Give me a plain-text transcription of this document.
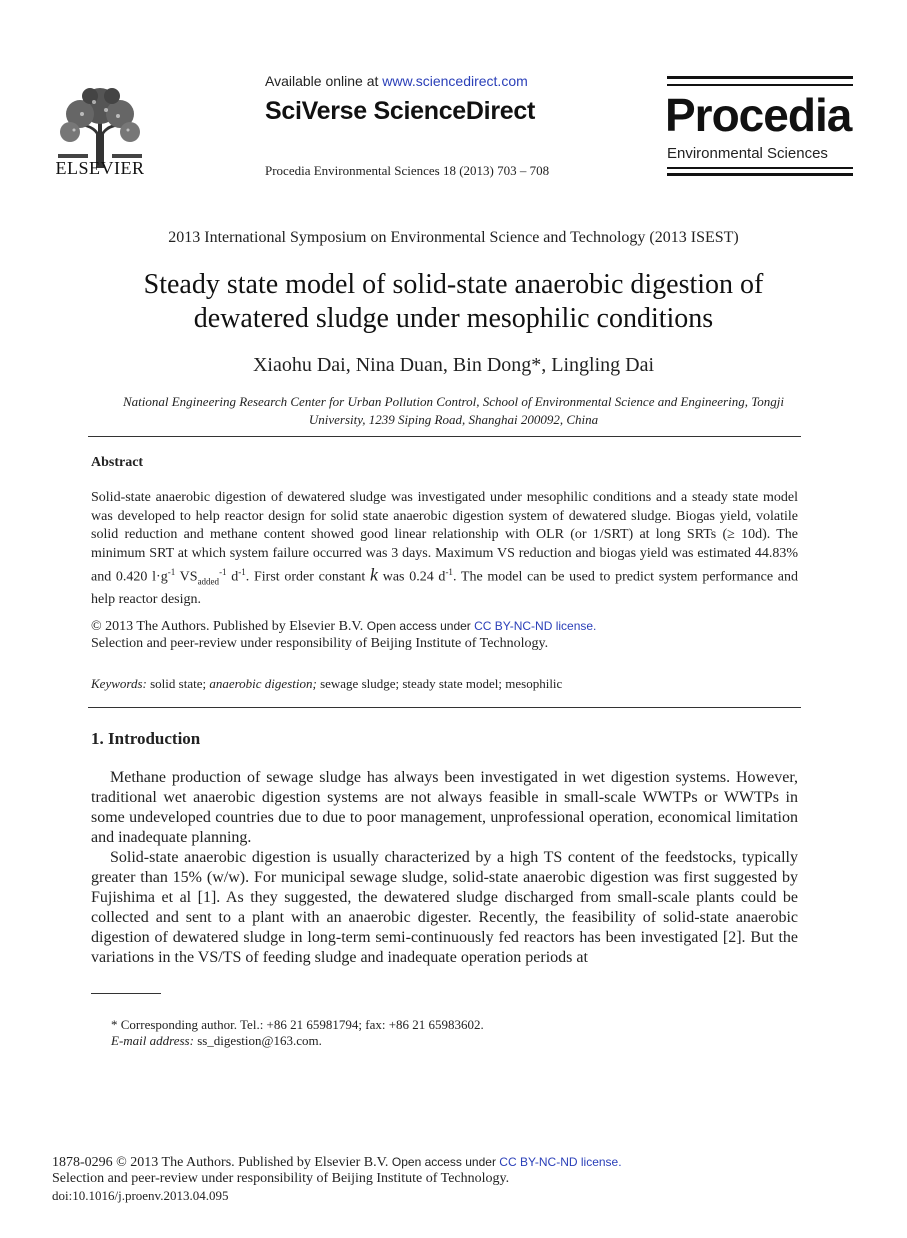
ELSEVIER
Available online at www.sciencedirect.com
SciVerse ScienceDirect
Procedia Environmental Sciences 18 (2013) 703 – 708
Procedia
Environmental Sciences
2013 International Symposium on Environmental Science and Technology (2013 ISEST)
Steady state model of solid-state anaerobic digestion of
dewatered sludge under mesophilic conditions
Xiaohu Dai, Nina Duan, Bin Dong*, Lingling Dai
National Engineering Research Center for Urban Pollution Control, School of Environmental Science and Engineering, Tongji
University, 1239 Siping Road, Shanghai 200092, China
Abstract
Solid-state anaerobic digestion of dewatered sludge was investigated under mesophilic conditions and a steady state model was developed to help reactor design for solid state anaerobic digestion system of dewatered sludge. Biogas yield, volatile solid reduction and methane content showed good linear relationship with OLR (or 1/SRT) at long SRTs (≥ 10d). The minimum SRT at which system failure occurred was 3 days. Maximum VS reduction and biogas yield was estimated 44.83% and 0.420 $l\cdot g^{-1}$ $VS_{added}^{-1}$ $d^{-1}$. First order constant k was 0.24 $d^{-1}$. The model can be used to predict system performance and help reactor design.
© 2013 The Authors. Published by Elsevier B.V. Open access under CC BY-NC-ND license.
Selection and peer-review under responsibility of Beijing Institute of Technology.
Keywords: solid state; anaerobic digestion; sewage sludge; steady state model; mesophilic
1. Introduction

Methane production of sewage sludge has always been investigated in wet digestion systems. However, traditional wet anaerobic digestion systems are not always feasible in small-scale WWTPs or WWTPs in some undeveloped countries due to due to poor management, unprofessional operation, economical limitation and inadequate planning.

Solid-state anaerobic digestion is usually characterized by a high TS content of the feedstocks, typically greater than 15% (w/w). For municipal sewage sludge, solid-state anaerobic digestion was first suggested by Fujishima et al [1]. As they suggested, the dewatered sludge discharged from small-scale plants could be collected and sent to a plant with an anaerobic digester. Recently, the feasibility of solid-state anaerobic digestion of dewatered sludge in long-term semi-continuously fed reactors has been investigated [2]. But the variations in the VS/TS of feeding sludge and inadequate operation periods at

* Corresponding author. Tel.: +86 21 65981794; fax: +86 21 65983602.
E-mail address: ss_digestion@163.com.
1878-0296 © 2013 The Authors. Published by Elsevier B.V. Open access under CC BY-NC-ND license.
Selection and peer-review under responsibility of Beijing Institute of Technology.
doi:10.1016/j.proenv.2013.04.095
